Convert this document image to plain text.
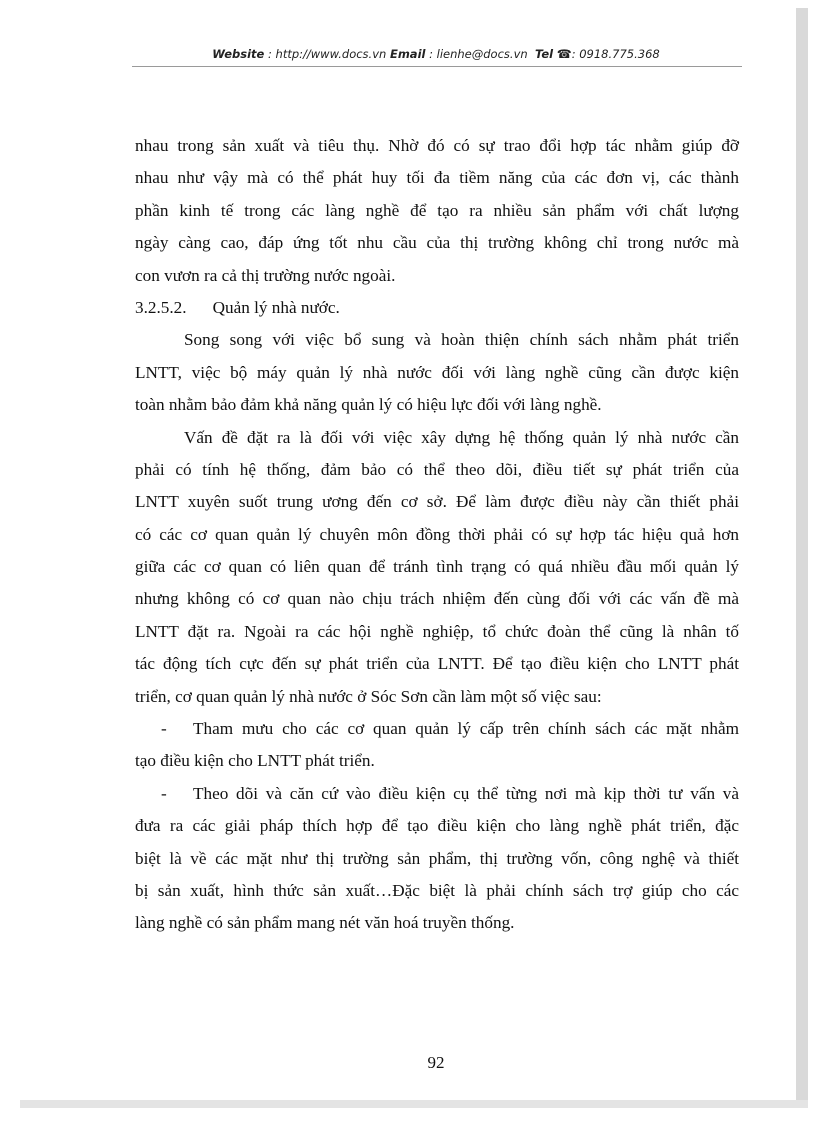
Website : http://www.docs.vn Email : lienhe@docs.vn Tel ☎: 0918.775.368
nhau trong sản xuất và tiêu thụ. Nhờ đó có sự trao đổi hợp tác nhằm giúp đỡ
nhau như vậy mà có thể phát huy tối đa tiềm năng của các đơn vị, các thành
phần kinh tế trong các làng nghề để tạo ra nhiều sản phẩm với chất lượng
ngày càng cao, đáp ứng tốt nhu cầu của thị trường không chỉ trong nước mà
con vươn ra cả thị trường nước ngoài.
3.2.5.2. Quản lý nhà nước.
Song song với việc bổ sung và hoàn thiện chính sách nhằm phát triển
LNTT, việc bộ máy quản lý nhà nước đối với làng nghề cũng cần được kiện
toàn nhằm bảo đảm khả năng quản lý có hiệu lực đối với làng nghề.
Vấn đề đặt ra là đối với việc xây dựng hệ thống quản lý nhà nước cần
phải có tính hệ thống, đảm bảo có thể theo dõi, điều tiết sự phát triển của
LNTT xuyên suốt trung ương đến cơ sở. Để làm được điều này cần thiết phải
có các cơ quan quản lý chuyên môn đồng thời phải có sự hợp tác hiệu quả hơn
giữa các cơ quan có liên quan để tránh tình trạng có quá nhiều đầu mối quản lý
nhưng không có cơ quan nào chịu trách nhiệm đến cùng đối với các vấn đề mà
LNTT đặt ra. Ngoài ra các hội nghề nghiệp, tổ chức đoàn thể cũng là nhân tố
tác động tích cực đến sự phát triển của LNTT. Để tạo điều kiện cho LNTT phát
triển, cơ quan quản lý nhà nước ở Sóc Sơn cần làm một số việc sau:
- Tham mưu cho các cơ quan quản lý cấp trên chính sách các mặt nhằm
tạo điều kiện cho LNTT phát triển.
- Theo dõi và căn cứ vào điều kiện cụ thể từng nơi mà kịp thời tư vấn và
đưa ra các giải pháp thích hợp để tạo điều kiện cho làng nghề phát triển, đặc
biệt là về các mặt như thị trường sản phẩm, thị trường vốn, công nghệ và thiết
bị sản xuất, hình thức sản xuất…Đặc biệt là phải chính sách trợ giúp cho các
làng nghề có sản phẩm mang nét văn hoá truyền thống.
92
